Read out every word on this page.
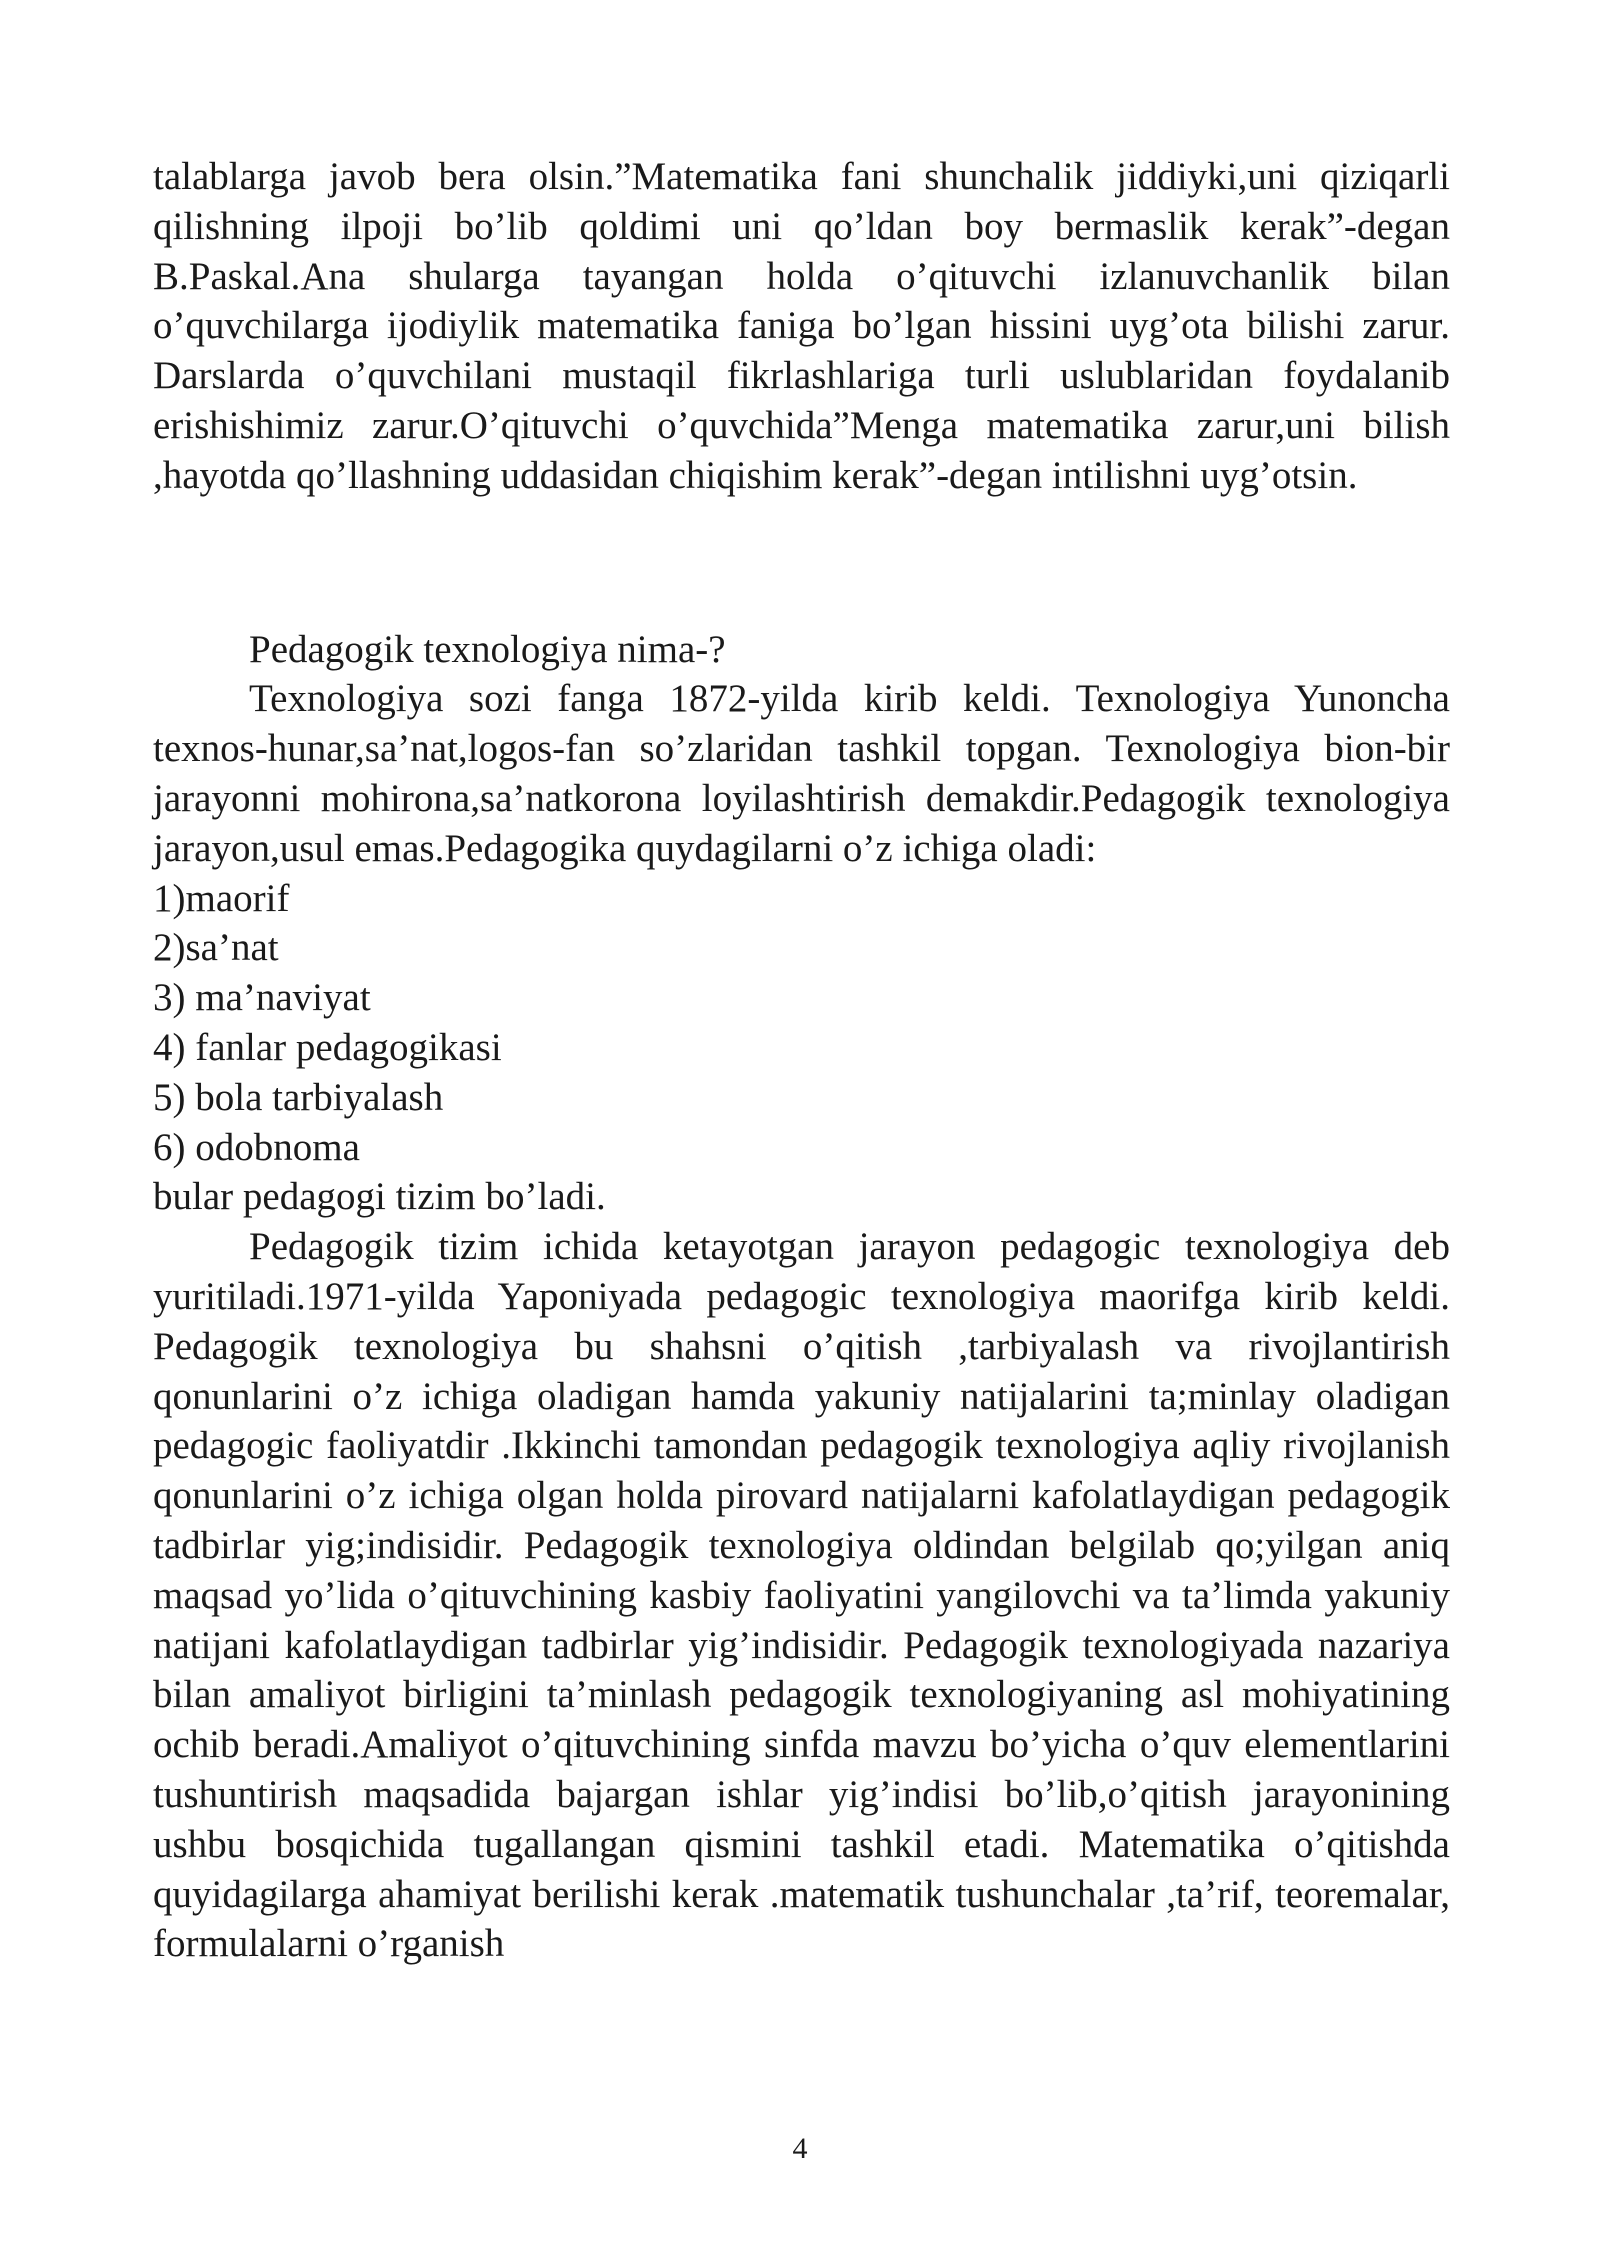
talablarga javob bera olsin.”Matematika fani shunchalik jiddiyki,uni qiziqarli qilishning ilpoji bo’lib qoldimi uni qo’ldan boy bermaslik kerak”-degan B.Paskal.Ana shularga tayangan holda o’qituvchi izlanuvchanlik bilan o’quvchilarga ijodiylik matematika faniga bo’lgan hissini uyg’ota bilishi zarur. Darslarda o’quvchilani mustaqil fikrlashlariga turli uslublaridan foydalanib erishishimiz zarur.O’qituvchi o’quvchida”Menga matematika zarur,uni bilish ,hayotda qo’llashning uddasidan chiqishim kerak”-degan intilishni uyg’otsin.

Pedagogik texnologiya nima-?

Texnologiya sozi fanga 1872-yilda kirib keldi. Texnologiya Yunoncha texnos-hunar,sa’nat,logos-fan so’zlaridan tashkil topgan. Texnologiya bion-bir jarayonni mohirona,sa’natkorona loyilashtirish demakdir.Pedagogik texnologiya jarayon,usul emas.Pedagogika quydagilarni o’z ichiga oladi:

1)maorif

2)sa’nat

3) ma’naviyat

4) fanlar pedagogikasi

5) bola tarbiyalash

6) odobnoma

bular pedagogi tizim bo’ladi.

Pedagogik tizim ichida ketayotgan jarayon pedagogic texnologiya deb yuritiladi.1971-yilda Yaponiyada pedagogic texnologiya maorifga kirib keldi. Pedagogik texnologiya bu shahsni o’qitish ,tarbiyalash va rivojlantirish qonunlarini o’z ichiga oladigan hamda yakuniy natijalarini ta;minlay oladigan pedagogic faoliyatdir .Ikkinchi tamondan pedagogik texnologiya aqliy rivojlanish qonunlarini o’z ichiga olgan holda pirovard natijalarni kafolatlaydigan pedagogik tadbirlar yig;indisidir. Pedagogik texnologiya oldindan belgilab qo;yilgan aniq maqsad yo’lida o’qituvchining kasbiy faoliyatini yangilovchi va ta’limda yakuniy natijani kafolatlaydigan tadbirlar yig’indisidir. Pedagogik texnologiyada nazariya bilan amaliyot birligini ta’minlash pedagogik texnologiyaning asl mohiyatining ochib beradi.Amaliyot o’qituvchining sinfda mavzu bo’yicha o’quv elementlarini tushuntirish maqsadida bajargan ishlar yig’indisi bo’lib,o’qitish jarayonining ushbu bosqichida tugallangan qismini tashkil etadi. Matematika o’qitishda quyidagilarga ahamiyat berilishi kerak .matematik tushunchalar ,ta’rif, teoremalar, formulalarni o’rganish

4
